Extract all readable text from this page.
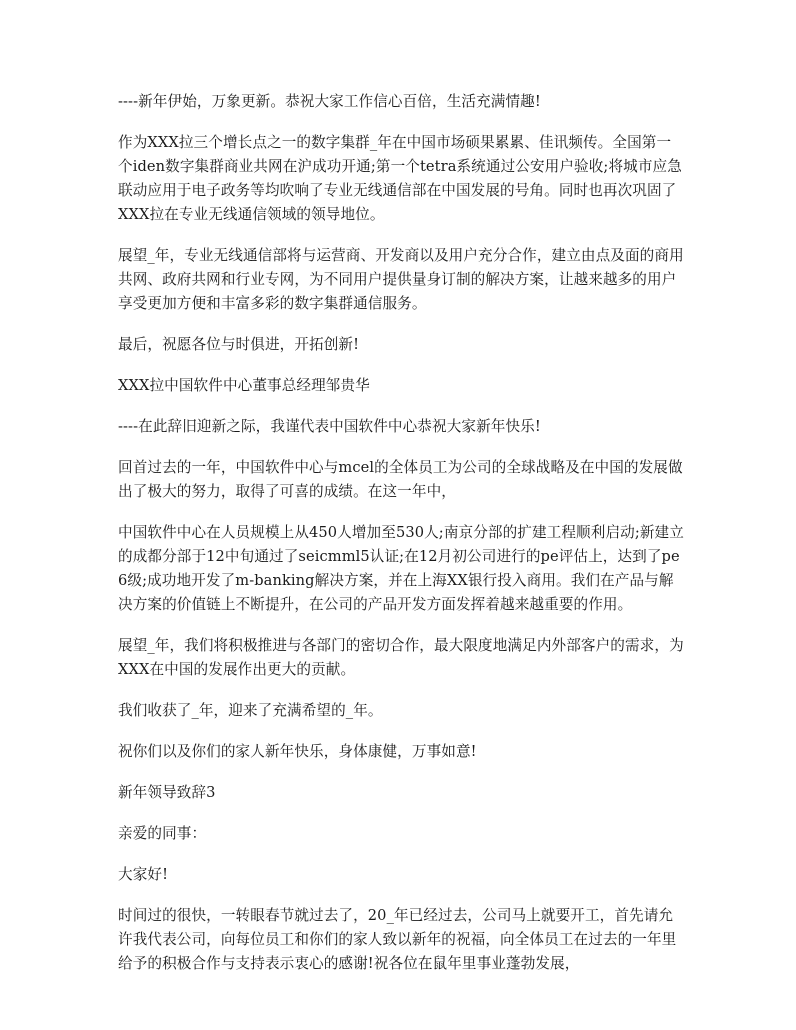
----新年伊始，万象更新。恭祝大家工作信心百倍，生活充满情趣!

作为XXX拉三个增长点之一的数字集群_年在中国市场硕果累累、佳讯频传。全国第一个iden数字集群商业共网在沪成功开通;第一个tetra系统通过公安用户验收;将城市应急联动应用于电子政务等均吹响了专业无线通信部在中国发展的号角。同时也再次巩固了XXX拉在专业无线通信领域的领导地位。

展望_年，专业无线通信部将与运营商、开发商以及用户充分合作，建立由点及面的商用共网、政府共网和行业专网，为不同用户提供量身订制的解决方案，让越来越多的用户享受更加方便和丰富多彩的数字集群通信服务。

最后，祝愿各位与时俱进，开拓创新!

XXX拉中国软件中心董事总经理邹贵华

----在此辞旧迎新之际，我谨代表中国软件中心恭祝大家新年快乐!

回首过去的一年，中国软件中心与mcel的全体员工为公司的全球战略及在中国的发展做出了极大的努力，取得了可喜的成绩。在这一年中，

中国软件中心在人员规模上从450人增加至530人;南京分部的扩建工程顺利启动;新建立的成都分部于12中旬通过了seicmml5认证;在12月初公司进行的pe评估上，达到了pe6级;成功地开发了m-banking解决方案，并在上海XX银行投入商用。我们在产品与解决方案的价值链上不断提升，在公司的产品开发方面发挥着越来越重要的作用。

展望_年，我们将积极推进与各部门的密切合作，最大限度地满足内外部客户的需求，为XXX在中国的发展作出更大的贡献。

我们收获了_年，迎来了充满希望的_年。

祝你们以及你们的家人新年快乐，身体康健，万事如意!

新年领导致辞3

亲爱的同事：

大家好!

时间过的很快，一转眼春节就过去了，20_年已经过去，公司马上就要开工，首先请允许我代表公司，向每位员工和你们的家人致以新年的祝福，向全体员工在过去的一年里给予的积极合作与支持表示衷心的感谢!祝各位在鼠年里事业蓬勃发展，
